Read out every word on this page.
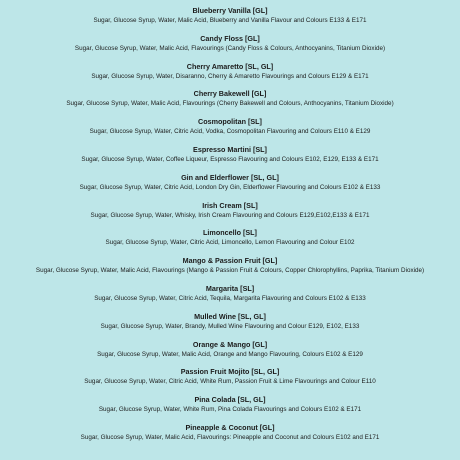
Blueberry Vanilla [GL]
Sugar, Glucose Syrup, Water, Malic Acid, Blueberry and Vanilla Flavour and Colours E133 & E171
Candy Floss [GL]
Sugar, Glucose Syrup, Water, Malic Acid, Flavourings (Candy Floss & Colours, Anthocyanins, Titanium Dioxide)
Cherry Amaretto [SL, GL]
Sugar, Glucose Syrup, Water, Disaranno, Cherry & Amaretto Flavourings and Colours E129 & E171
Cherry Bakewell [GL]
Sugar, Glucose Syrup, Water, Malic Acid, Flavourings (Cherry Bakewell and Colours, Anthocyanins, Titanium Dioxide)
Cosmopolitan [SL]
Sugar, Glucose Syrup, Water, Citric Acid, Vodka, Cosmopolitan Flavouring and Colours E110 & E129
Espresso Martini [SL]
Sugar, Glucose Syrup, Water, Coffee Liqueur, Espresso Flavouring and Colours E102, E129, E133 & E171
Gin and Elderflower [SL, GL]
Sugar, Glucose Syrup, Water, Citric Acid, London Dry Gin, Elderflower Flavouring and Colours E102 & E133
Irish Cream [SL]
Sugar, Glucose Syrup, Water, Whisky, Irish Cream Flavouring and Colours E129,E102,E133 & E171
Limoncello [SL]
Sugar, Glucose Syrup, Water, Citric Acid, Limoncello, Lemon Flavouring and Colour E102
Mango & Passion Fruit [GL]
Sugar, Glucose Syrup, Water, Malic Acid, Flavourings (Mango & Passion Fruit & Colours, Copper Chlorophyllins, Paprika, Titanium Dioxide)
Margarita [SL]
Sugar, Glucose Syrup, Water, Citric Acid, Tequila, Margarita Flavouring and Colours E102 & E133
Mulled Wine [SL, GL]
Sugar, Glucose Syrup, Water, Brandy, Mulled Wine Flavouring and Colour E129, E102, E133
Orange & Mango [GL]
Sugar, Glucose Syrup, Water, Malic Acid, Orange and Mango Flavouring, Colours E102 & E129
Passion Fruit Mojito [SL, GL]
Sugar, Glucose Syrup, Water, Citric Acid, White Rum, Passion Fruit & Lime Flavourings and Colour E110
Pina Colada [SL, GL]
Sugar, Glucose Syrup, Water, White Rum, Pina Colada Flavourings and Colours E102 & E171
Pineapple & Coconut [GL]
Sugar, Glucose Syrup, Water, Malic Acid, Flavourings: Pineapple and Coconut and Colours E102 and E171
